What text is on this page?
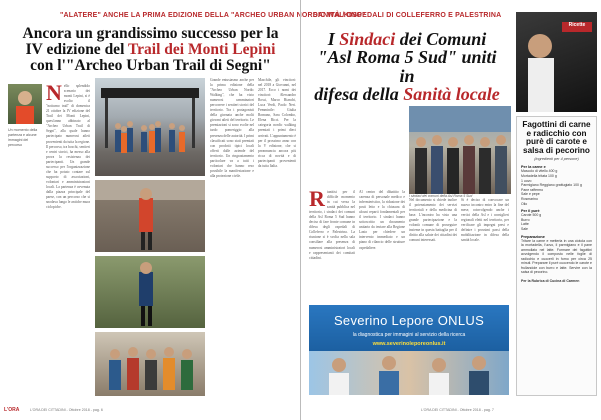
"ALATERE" ANCHE LA PRIMA EDIZIONE DELLA "ARCHEO URBAN NORDIC WALKING"
Ancora un grandissimo successo per la IV edizione del Trail dei Monti Lepini con l'"Archeo Urban Trail di Segni"
N ello splendido scenario dei monti Lepini, si è svolto il "notturno trail" di domenica 21 ottobre la IV edizione del Trail dei Monti Lepini, quest'anno abbinato al "Archeo Urban Trail di Segni", alla quale hanno partecipato numerosi atleti provenienti da tutta la regione. Il percorso, tra boschi, sentieri e centri storici, ha messo alla prova la resistenza dei partecipanti. Un grande successo per l'organizzazione che ha potuto contare sul supporto di associazioni, volontari e amministrazioni locali. La partenza è avvenuta dalla piazza principale del paese, con un percorso che si snodava lungo le antiche mura ciclopiche.
Grande entusiasmo anche per la prima edizione della "Archeo Urban Nordic Walking", che ha visto numerosi camminatori percorrere i sentieri storici del territorio. Tra i protagonisti della giornata anche molti giovani atleti del territorio. Le premiazioni si sono svolte nel tardo pomeriggio alla presenza delle autorità. I primi classificati sono stati premiati con prodotti tipici locali offerti dalle aziende del territorio. Un ringraziamento particolare va a tutti i volontari che hanno reso possibile la manifestazione e alla protezione civile.
Maschile, gli vincitori: nel 2018 a Giovanni, nel 2017. Ecco i nomi dei vincitori: Alessandro Rossi, Marco Bianchi, Luca Verdi, Paolo Neri. Femminile: Giulia Romano, Sara Colombo, Elena Ricci. Per la categoria nordic walking premiati i primi dieci arrivati. L'appuntamento è per il prossimo anno con la V edizione, che si preannuncia ancora più ricca di novità e di partecipanti provenienti da tutta Italia.
Un momento della partenza e alcune immagini del percorso
L'ORA	L'ORA DEI CITTADINI - Ottobre 2018 - pag. 6
SANITÀ / OSPEDALI DI COLLEFERRO E PALESTRINA
I Sindaci dei Comuni
"Asl Roma 5 Sud" uniti in
difesa della Sanità locale
Ricette
R iunitisi per il difficile momento in cui versa la sanità pubblica nel territorio, i sindaci dei comuni della Asl Roma 5 Sud hanno deciso di fare fronte comune in difesa degli ospedali di Colleferro e Palestrina. La riunione si è svolta nella sala consiliare alla presenza di numerosi amministratori locali e rappresentanti dei comitati cittadini.
Al centro del dibattito la carenza di personale medico e infermieristico, la riduzione dei posti letto e la chiusura di alcuni reparti fondamentali per il territorio. I sindaci hanno sottoscritto un documento unitario da inviare alla Regione Lazio per chiedere un intervento immediato e un piano di rilancio delle strutture ospedaliere.
Nel documento si chiede inoltre il potenziamento dei servizi territoriali e della medicina di base. L'incontro ha visto una grande partecipazione e la volontà comune di proseguire insieme in questa battaglia per il diritto alla salute dei cittadini dei comuni interessati.
Si è deciso di convocare un nuovo incontro entro la fine del mese, coinvolgendo anche i vertici della Asl e i consiglieri regionali eletti nel territorio, per verificare gli impegni presi e definire i prossimi passi della mobilitazione in difesa della sanità locale.
I sindaci dei comuni della Asl Roma 5 Sud
Severino Lepore ONLUS
la diagnostica per immagini al servizio della ricerca
www.severinoleporeonlus.it
Fagottini di carne e radicchio con purè di carote e salsa di pecorino
(ingredienti per 4 persone)
Per la carne e
Mascolo di vitello 400 g
Mortadella tritata 100 g
1 uovo
Parmigiano Reggiano grattugiato 100 g
Pane raffermo
Sale e pepe
Rosmarino
Olio
Per il purè
Carote 500 g
Burro
Latte
Sale
Preparazione
Tritare la carne e metterla in una ciotola con la mortadella, l'uovo, il parmigiano e il pane ammollato nel latte. Formare dei fagottini avvolgendo il composto nelle foglie di radicchio e cuocerli in forno per circa 25 minuti. Preparare il purè cuocendo le carote e frullandole con burro e latte. Servire con la salsa di pecorino.
Per la Rubrica di Cucina di Carmen
L'ORA DEI CITTADINI - Ottobre 2018 - pag. 7
